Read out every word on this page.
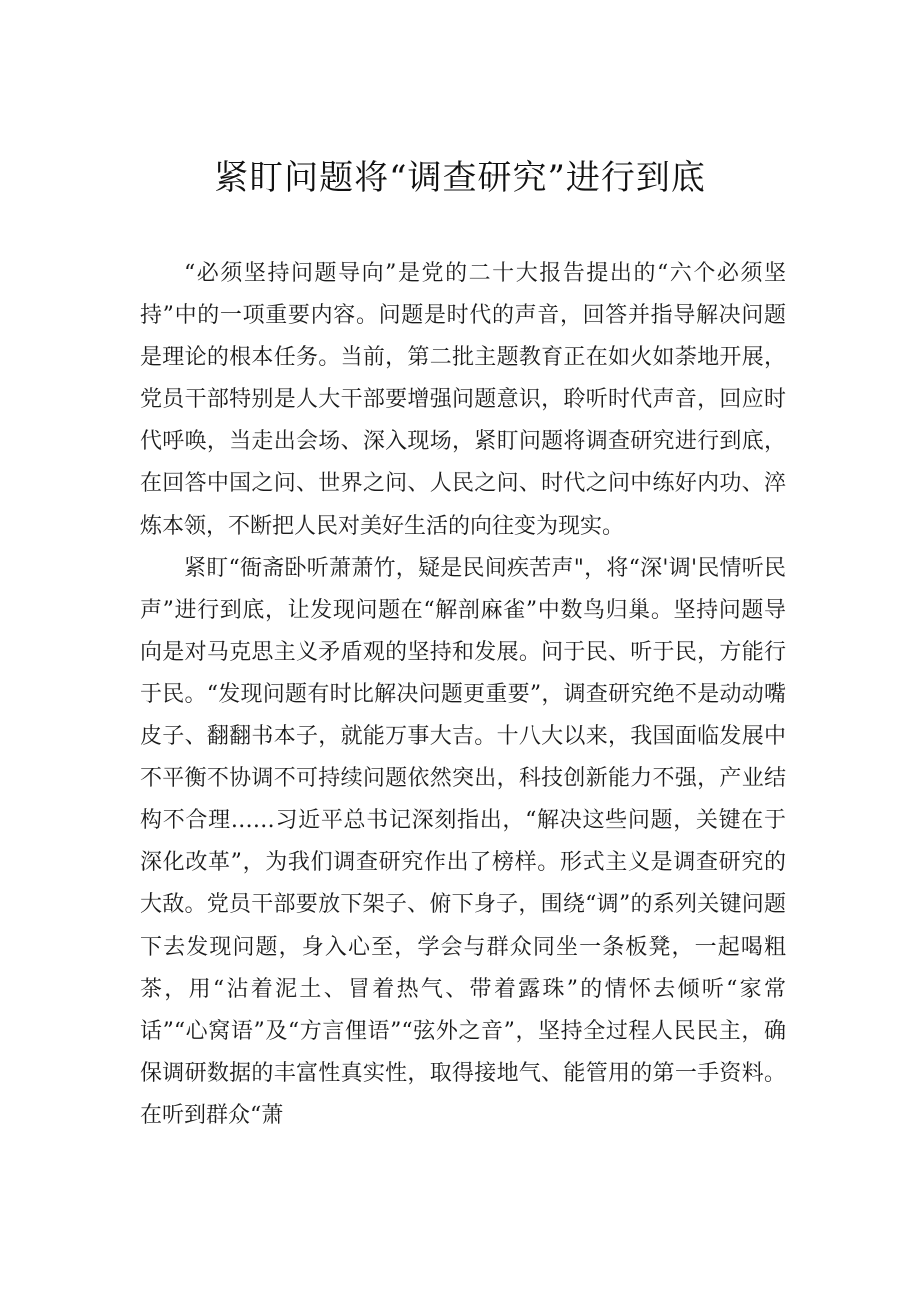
紧盯问题将“调查研究”进行到底

“必须坚持问题导向”是党的二十大报告提出的“六个必须坚持”中的一项重要内容。问题是时代的声音，回答并指导解决问题是理论的根本任务。当前，第二批主题教育正在如火如荼地开展，党员干部特别是人大干部要增强问题意识，聆听时代声音，回应时代呼唤，当走出会场、深入现场，紧盯问题将调查研究进行到底，在回答中国之问、世界之问、人民之问、时代之问中练好内功、淬炼本领，不断把人民对美好生活的向往变为现实。

紧盯“衙斋卧听萧萧竹，疑是民间疾苦声"，将“深'调'民情听民声”进行到底，让发现问题在“解剖麻雀”中数鸟归巢。坚持问题导向是对马克思主义矛盾观的坚持和发展。问于民、听于民，方能行于民。“发现问题有时比解决问题更重要”，调查研究绝不是动动嘴皮子、翻翻书本子，就能万事大吉。十八大以来，我国面临发展中不平衡不协调不可持续问题依然突出，科技创新能力不强，产业结构不合理……习近平总书记深刻指出，“解决这些问题，关键在于深化改革”，为我们调查研究作出了榜样。形式主义是调查研究的大敌。党员干部要放下架子、俯下身子，围绕“调”的系列关键问题下去发现问题，身入心至，学会与群众同坐一条板凳，一起喝粗茶，用“沾着泥土、冒着热气、带着露珠”的情怀去倾听“家常话”“心窝语”及“方言俚语”“弦外之音”，坚持全过程人民民主，确保调研数据的丰富性真实性，取得接地气、能管用的第一手资料。在听到群众“萧
